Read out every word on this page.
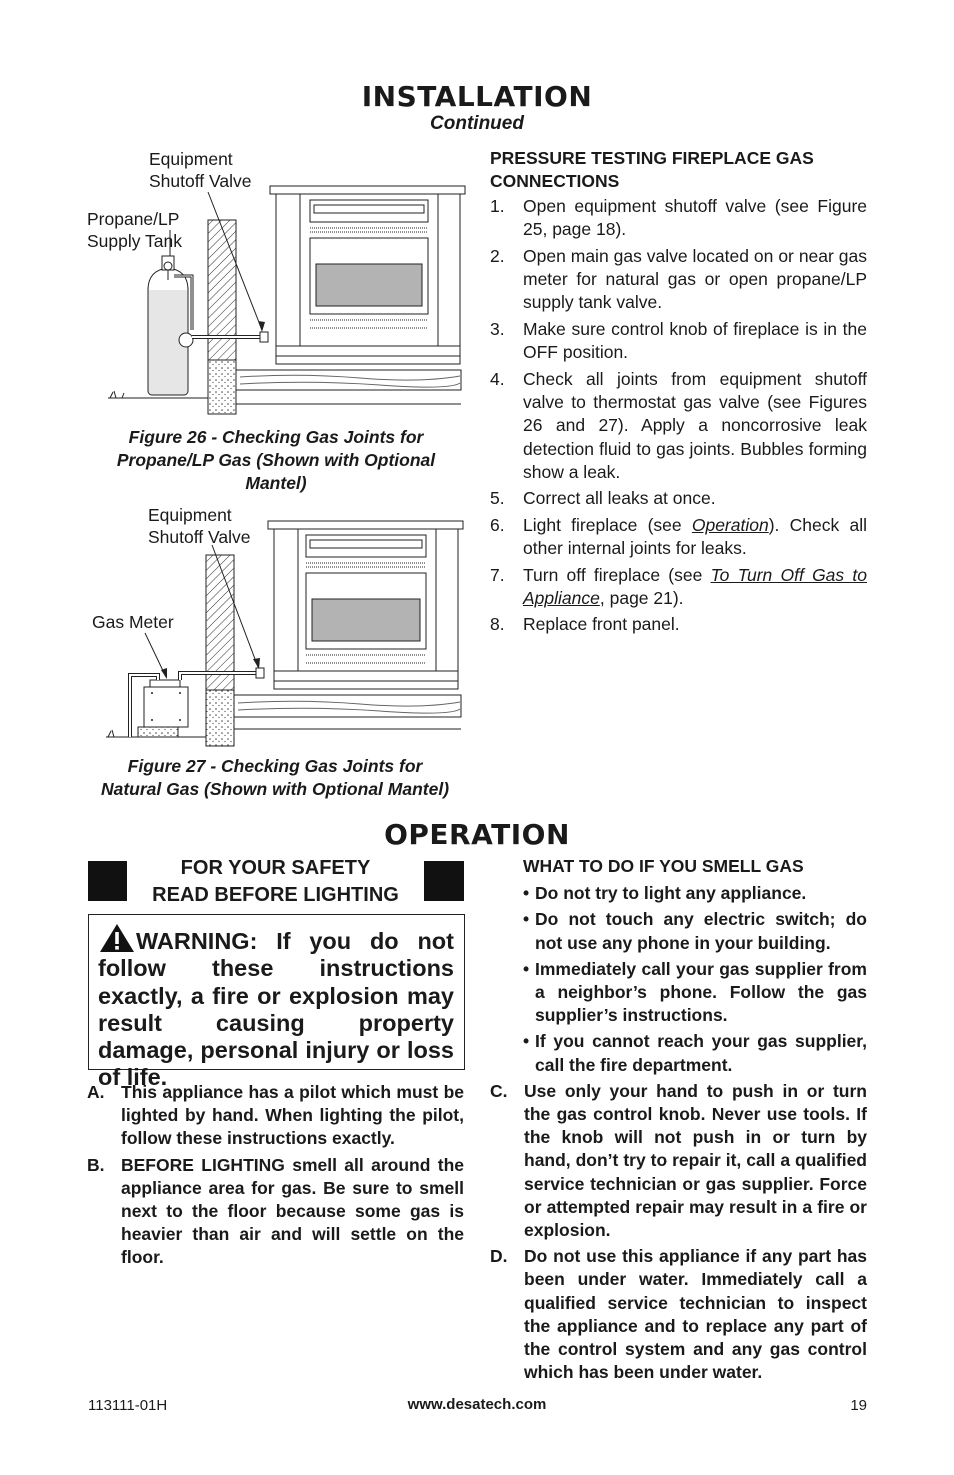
INSTALLATION
Continued
Equipment
Shutoff Valve
Propane/LP
Supply Tank
Figure 26 - Checking Gas Joints for
Propane/LP Gas (Shown with Optional
Mantel)
Equipment
Shutoff Valve
Gas Meter
Figure 27 - Checking Gas Joints for
Natural Gas (Shown with Optional Mantel)
PRESSURE TESTING FIREPLACE GAS
CONNECTIONS
1. Open equipment shutoff valve (see Figure 25, page 18).
2. Open main gas valve located on or near gas meter for natural gas or open propane/LP supply tank valve.
3. Make sure control knob of fireplace is in the OFF position.
4. Check all joints from equipment shutoff valve to thermostat gas valve (see Figures 26 and 27). Apply a noncorrosive leak detection fluid to gas joints. Bubbles forming show a leak.
5. Correct all leaks at once.
6. Light fireplace (see Operation). Check all other internal joints for leaks.
7. Turn off fireplace (see To Turn Off Gas to Appliance, page 21).
8. Replace front panel.
OPERATION
FOR YOUR SAFETY
READ BEFORE LIGHTING
WARNING: If you do not follow these instructions exactly, a fire or explosion may result causing property damage, personal injury or loss of life.
A. This appliance has a pilot which must be lighted by hand. When lighting the pilot, follow these instructions exactly.
B. BEFORE LIGHTING smell all around the appliance area for gas. Be sure to smell next to the floor because some gas is heavier than air and will settle on the floor.
WHAT TO DO IF YOU SMELL GAS
• Do not try to light any appliance.
• Do not touch any electric switch; do not use any phone in your building.
• Immediately call your gas supplier from a neighbor’s phone. Follow the gas supplier’s instructions.
• If you cannot reach your gas supplier, call the fire department.
C. Use only your hand to push in or turn the gas control knob. Never use tools. If the knob will not push in or turn by hand, don’t try to repair it, call a qualified service technician or gas supplier. Force or attempted repair may result in a fire or explosion.
D. Do not use this appliance if any part has been under water. Immediately call a qualified service technician to inspect the appliance and to replace any part of the control system and any gas control which has been under water.
113111-01H	www.desatech.com	19
